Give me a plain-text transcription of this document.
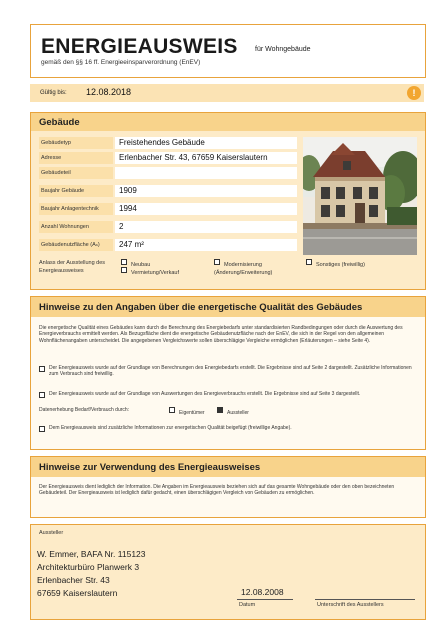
ENERGIEAUSWEIS für Wohngebäude
gemäß den §§ 16 ff. Energieeinsparverordnung (EnEV)
Gültig bis: 12.08.2018	!
Gebäude
Gebäudetyp	Freistehendes Gebäude
Adresse	Erlenbacher Str. 43, 67659 Kaiserslautern
Gebäudeteil
Baujahr Gebäude	1909
Baujahr Anlagentechnik	1994
Anzahl Wohnungen	2
Gebäudenutzfläche (Aₙ)	247 m²
Anlass der Ausstellung des Energieausweises
Neubau
Vermietung/Verkauf
Modernisierung (Änderung/Erweiterung)
Sonstiges (freiwillig)
Hinweise zu den Angaben über die energetische Qualität des Gebäudes
Die energetische Qualität eines Gebäudes kann durch die Berechnung des Energiebedarfs unter standardisierten Randbedingungen oder durch die Auswertung des Energieverbrauchs ermittelt werden. Als Bezugsfläche dient die energetische Gebäudenutzfläche nach der EnEV, die sich in der Regel von den allgemeinen Wohnflächenangaben unterscheidet. Die angegebenen Vergleichswerte sollen überschlägige Vergleiche ermöglichen (Erläuterungen – siehe Seite 4).
Der Energieausweis wurde auf der Grundlage von Berechnungen des Energiebedarfs erstellt. Die Ergebnisse sind auf Seite 2 dargestellt. Zusätzliche Informationen zum Verbrauch sind freiwillig.
Der Energieausweis wurde auf der Grundlage von Auswertungen des Energieverbrauchs erstellt. Die Ergebnisse sind auf Seite 3 dargestellt.
Datenerhebung Bedarf/Verbrauch durch:	Eigentümer	Aussteller
Dem Energieausweis sind zusätzliche Informationen zur energetischen Qualität beigefügt (freiwillige Angabe).
Hinweise zur Verwendung des Energieausweises
Der Energieausweis dient lediglich der Information. Die Angaben im Energieausweis beziehen sich auf das gesamte Wohngebäude oder den oben bezeichneten Gebäudeteil. Der Energieausweis ist lediglich dafür gedacht, einen überschlägigen Vergleich von Gebäuden zu ermöglichen.
Aussteller
W. Emmer, BAFA Nr. 115123
Architekturbüro Planwerk 3
Erlenbacher Str. 43
67659 Kaiserslautern	12.08.2008
Datum	Unterschrift des Ausstellers
